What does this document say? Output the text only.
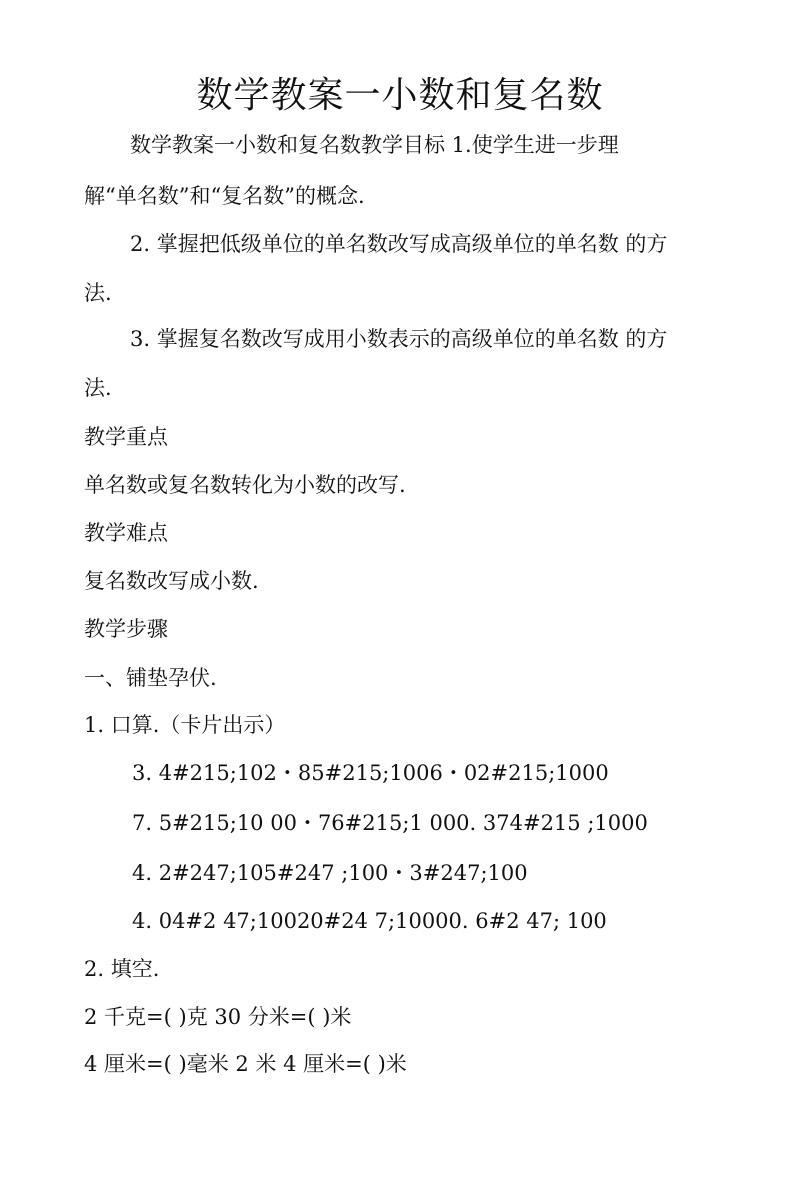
数学教案一小数和复名数
数学教案一小数和复名数教学目标 1.使学生进一步理
解“单名数”和“复名数”的概念.
2. 掌握把低级单位的单名数改写成高级单位的单名数 的方
法.
3. 掌握复名数改写成用小数表示的高级单位的单名数 的方
法.
教学重点
单名数或复名数转化为小数的改写.
教学难点
复名数改写成小数.
教学步骤
一、铺垫孕伏.
1. 口算.（卡片出示）
3. 4#215;102・85#215;1006・02#215;1000
7. 5#215;10 00・76#215;1 000. 374#215 ;1000
4. 2#247;105#247 ;100・3#247;100
4. 04#2 47;10020#24 7;10000. 6#2 47; 100
2. 填空.
2 千克=( )克 30 分米=( )米
4 厘米=( )毫米 2 米 4 厘米=( )米
